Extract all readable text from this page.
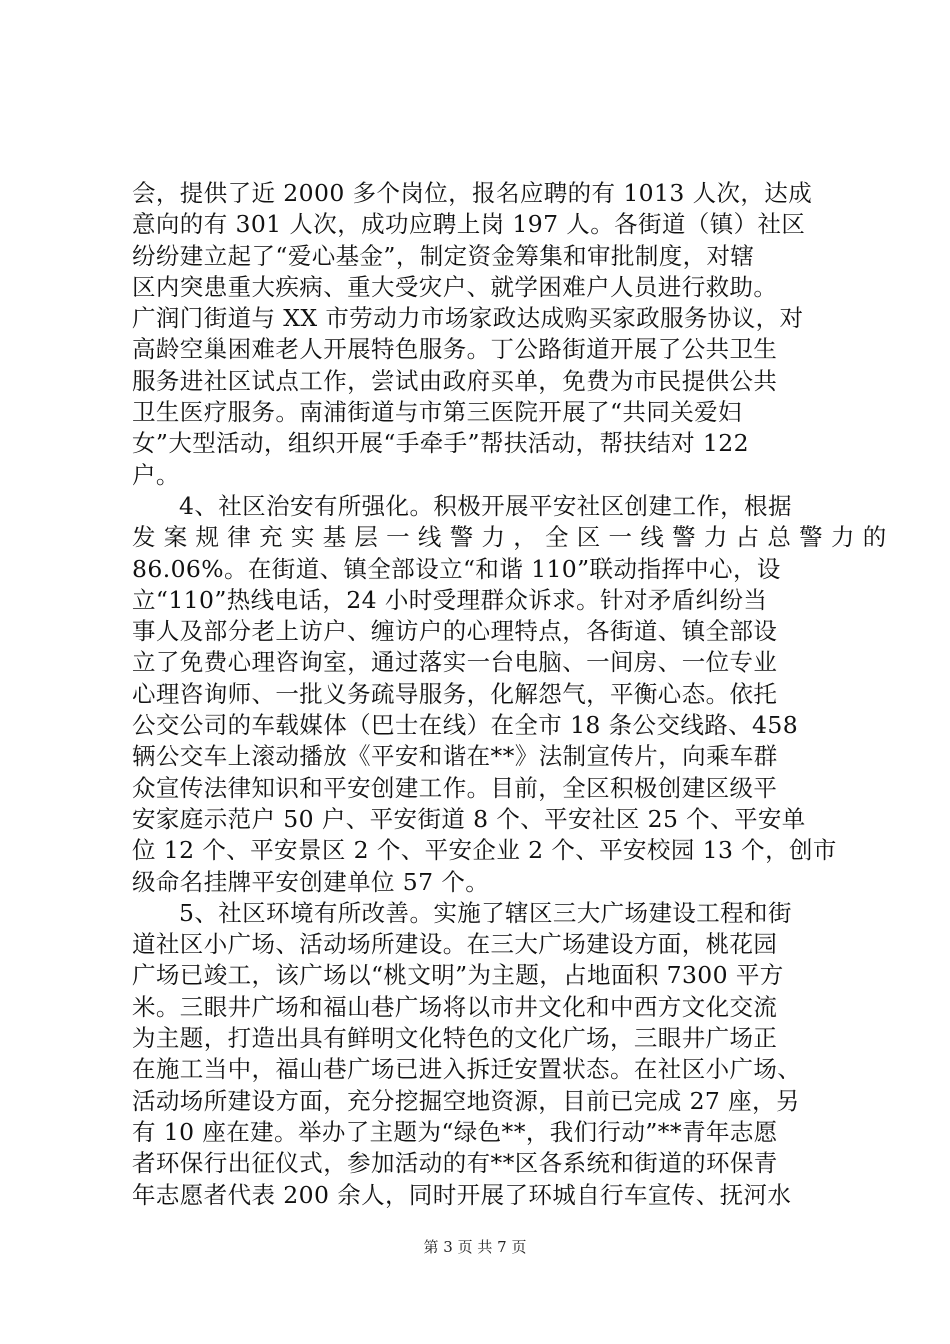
会，提供了近 2000 多个岗位，报名应聘的有 1013 人次，达成
意向的有 301 人次，成功应聘上岗 197 人。各街道（镇）社区
纷纷建立起了“爱心基金”，制定资金筹集和审批制度，对辖
区内突患重大疾病、重大受灾户、就学困难户人员进行救助。
广润门街道与 XX 市劳动力市场家政达成购买家政服务协议，对
高龄空巢困难老人开展特色服务。丁公路街道开展了公共卫生
服务进社区试点工作，尝试由政府买单，免费为市民提供公共
卫生医疗服务。南浦街道与市第三医院开展了“共同关爱妇
女”大型活动，组织开展“手牵手”帮扶活动，帮扶结对 122
户。
4、社区治安有所强化。积极开展平安社区创建工作，根据
发 案 规 律 充 实 基 层 一 线 警 力 ， 全 区 一 线 警 力 占 总 警 力 的
86.06%。在街道、镇全部设立“和谐 110”联动指挥中心，设
立“110”热线电话，24 小时受理群众诉求。针对矛盾纠纷当
事人及部分老上访户、缠访户的心理特点，各街道、镇全部设
立了免费心理咨询室，通过落实一台电脑、一间房、一位专业
心理咨询师、一批义务疏导服务，化解怨气，平衡心态。依托
公交公司的车载媒体（巴士在线）在全市 18 条公交线路、458
辆公交车上滚动播放《平安和谐在**》法制宣传片，向乘车群
众宣传法律知识和平安创建工作。目前，全区积极创建区级平
安家庭示范户 50 户、平安街道 8 个、平安社区 25 个、平安单
位 12 个、平安景区 2 个、平安企业 2 个、平安校园 13 个，创市
级命名挂牌平安创建单位 57 个。
5、社区环境有所改善。实施了辖区三大广场建设工程和街
道社区小广场、活动场所建设。在三大广场建设方面，桃花园
广场已竣工，该广场以“桃文明”为主题，占地面积 7300 平方
米。三眼井广场和福山巷广场将以市井文化和中西方文化交流
为主题，打造出具有鲜明文化特色的文化广场，三眼井广场正
在施工当中，福山巷广场已进入拆迁安置状态。在社区小广场、
活动场所建设方面，充分挖掘空地资源，目前已完成 27 座，另
有 10 座在建。举办了主题为“绿色**，我们行动”**青年志愿
者环保行出征仪式，参加活动的有**区各系统和街道的环保青
年志愿者代表 200 余人，同时开展了环城自行车宣传、抚河水
第 3 页 共 7 页
